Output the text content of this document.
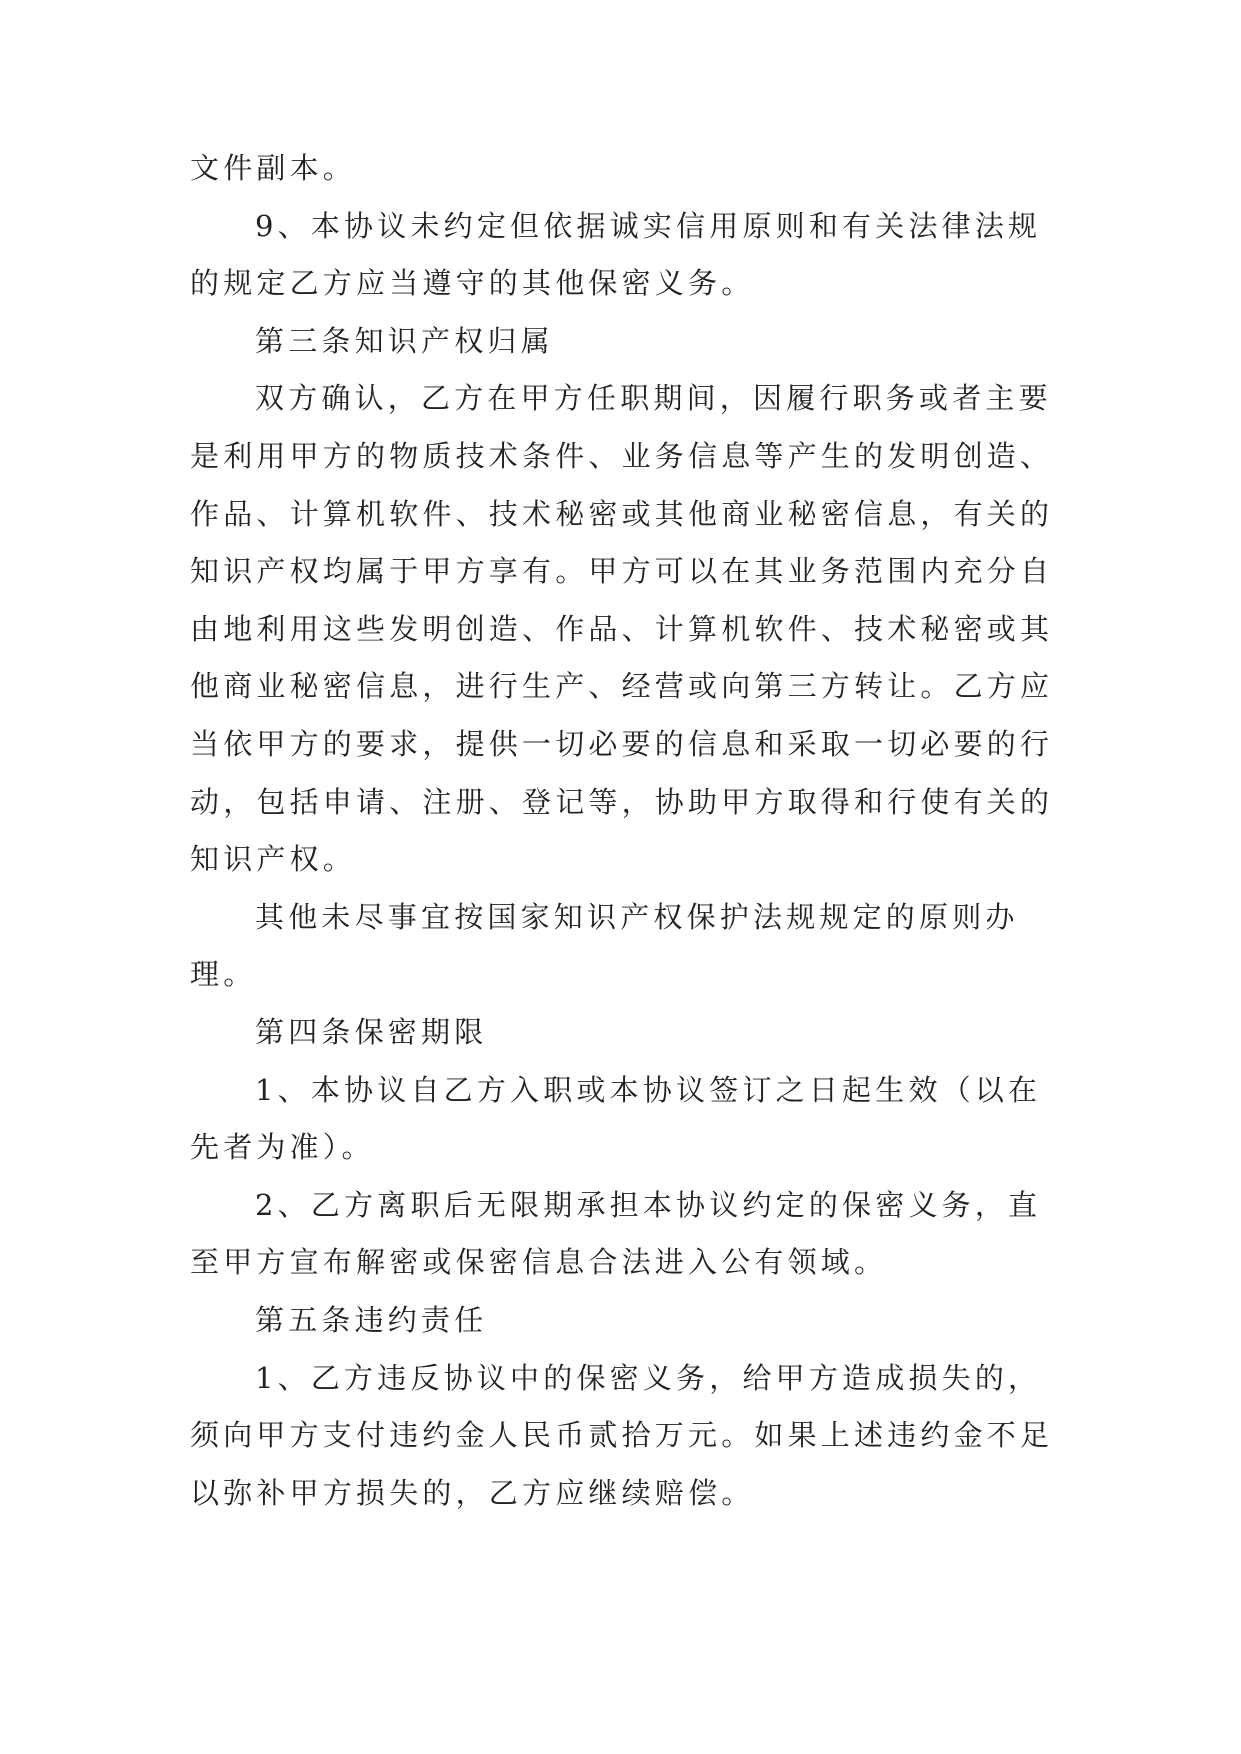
文件副本。

9、本协议未约定但依据诚实信用原则和有关法律法规

的规定乙方应当遵守的其他保密义务。

第三条知识产权归属

双方确认，乙方在甲方任职期间，因履行职务或者主要

是利用甲方的物质技术条件、业务信息等产生的发明创造、

作品、计算机软件、技术秘密或其他商业秘密信息，有关的

知识产权均属于甲方享有。甲方可以在其业务范围内充分自

由地利用这些发明创造、作品、计算机软件、技术秘密或其

他商业秘密信息，进行生产、经营或向第三方转让。乙方应

当依甲方的要求，提供一切必要的信息和采取一切必要的行

动，包括申请、注册、登记等，协助甲方取得和行使有关的

知识产权。

其他未尽事宜按国家知识产权保护法规规定的原则办

理。

第四条保密期限

1、本协议自乙方入职或本协议签订之日起生效（以在

先者为准）。

2、乙方离职后无限期承担本协议约定的保密义务，直

至甲方宣布解密或保密信息合法进入公有领域。

第五条违约责任

1、乙方违反协议中的保密义务，给甲方造成损失的，

须向甲方支付违约金人民币贰拾万元。如果上述违约金不足

以弥补甲方损失的，乙方应继续赔偿。
